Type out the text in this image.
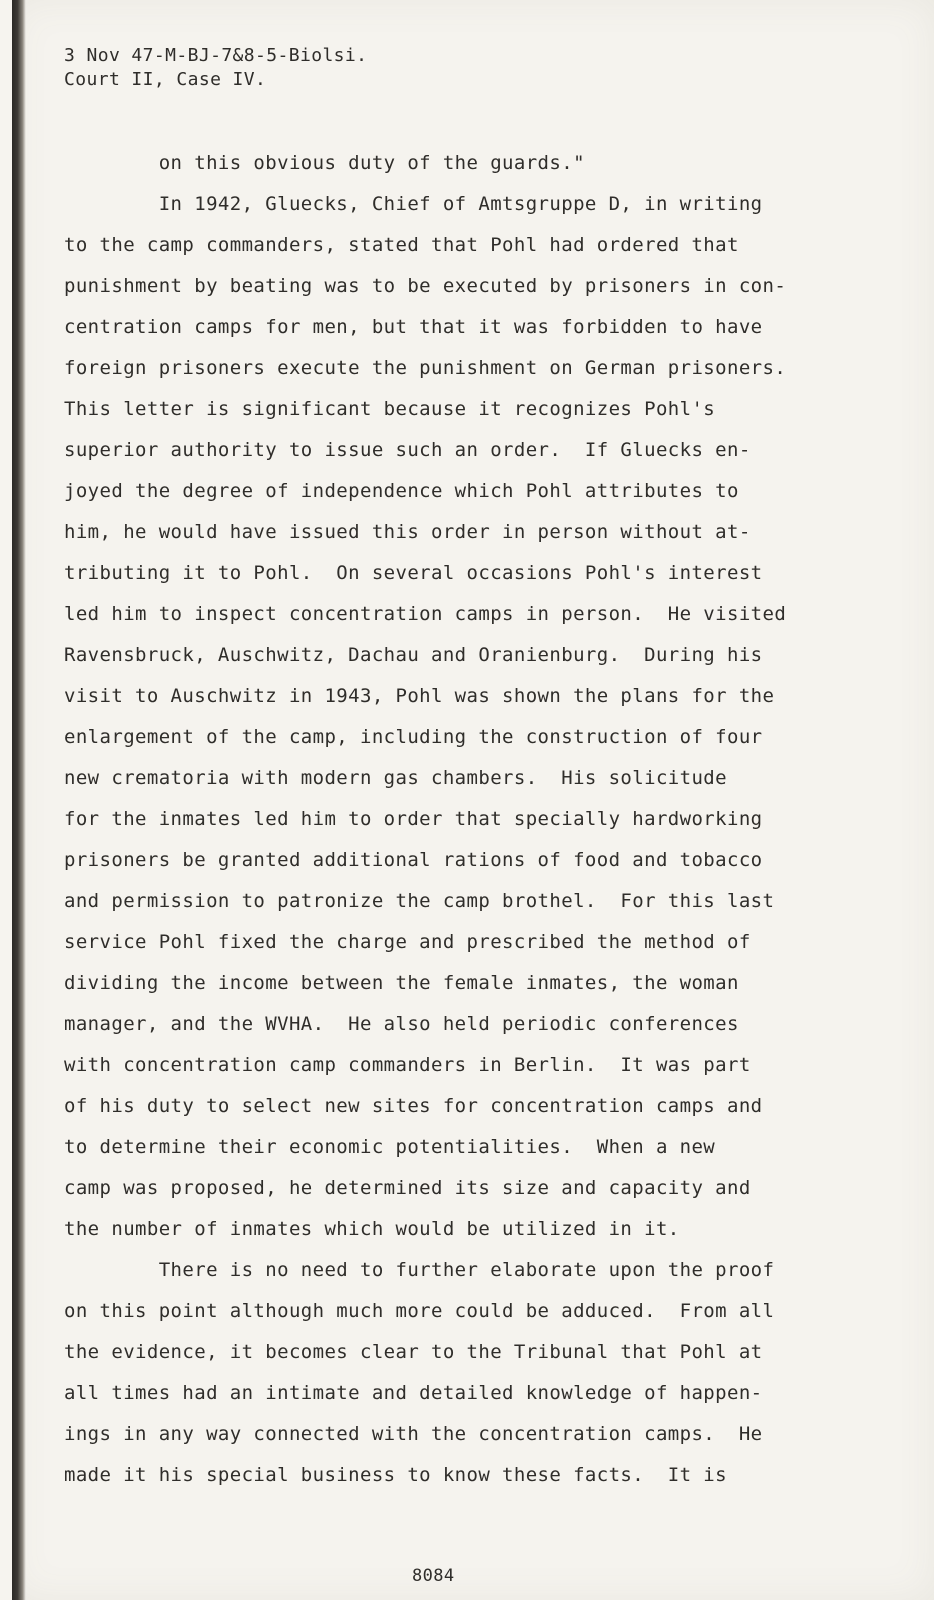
3 Nov 47-M-BJ-7&8-5-Biolsi.
Court II, Case IV.
on this obvious duty of the guards."
In 1942, Gluecks, Chief of Amtsgruppe D, in writing
to the camp commanders, stated that Pohl had ordered that
punishment by beating was to be executed by prisoners in con-
centration camps for men, but that it was forbidden to have
foreign prisoners execute the punishment on German prisoners.
This letter is significant because it recognizes Pohl's
superior authority to issue such an order.  If Gluecks en-
joyed the degree of independence which Pohl attributes to
him, he would have issued this order in person without at-
tributing it to Pohl.  On several occasions Pohl's interest
led him to inspect concentration camps in person.  He visited
Ravensbruck, Auschwitz, Dachau and Oranienburg.  During his
visit to Auschwitz in 1943, Pohl was shown the plans for the
enlargement of the camp, including the construction of four
new crematoria with modern gas chambers.  His solicitude
for the inmates led him to order that specially hardworking
prisoners be granted additional rations of food and tobacco
and permission to patronize the camp brothel.  For this last
service Pohl fixed the charge and prescribed the method of
dividing the income between the female inmates, the woman
manager, and the WVHA.  He also held periodic conferences
with concentration camp commanders in Berlin.  It was part
of his duty to select new sites for concentration camps and
to determine their economic potentialities.  When a new
camp was proposed, he determined its size and capacity and
the number of inmates which would be utilized in it.
There is no need to further elaborate upon the proof
on this point although much more could be adduced.  From all
the evidence, it becomes clear to the Tribunal that Pohl at
all times had an intimate and detailed knowledge of happen-
ings in any way connected with the concentration camps.  He
made it his special business to know these facts.  It is
8084
